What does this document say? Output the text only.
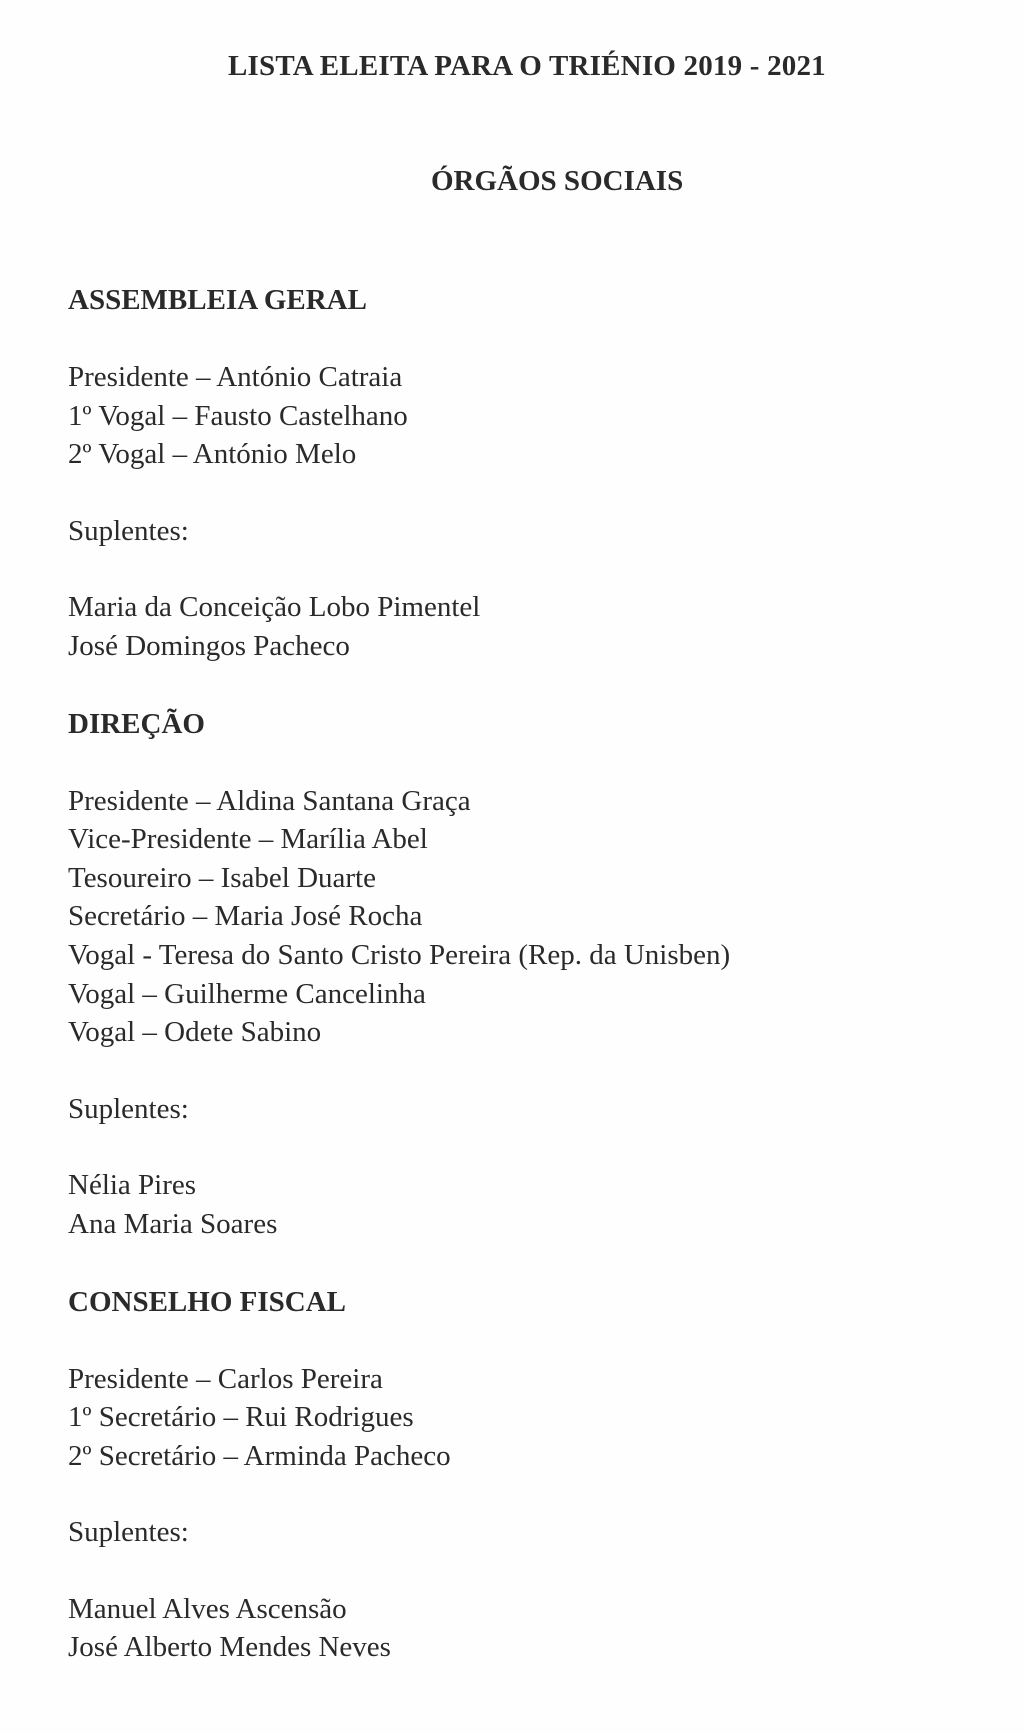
LISTA ELEITA PARA O TRIÉNIO 2019 - 2021
ÓRGÃOS SOCIAIS

ASSEMBLEIA GERAL

Presidente – António Catraia

1º Vogal – Fausto Castelhano

2º Vogal – António Melo

Suplentes:

Maria da Conceição Lobo Pimentel

José Domingos Pacheco

DIREÇÃO

Presidente – Aldina Santana Graça

Vice-Presidente – Marília Abel

Tesoureiro – Isabel Duarte

Secretário – Maria José Rocha

Vogal - Teresa do Santo Cristo Pereira (Rep. da Unisben)

Vogal – Guilherme Cancelinha

Vogal – Odete Sabino

Suplentes:

Nélia Pires

Ana Maria Soares

CONSELHO FISCAL

Presidente – Carlos Pereira

1º Secretário – Rui Rodrigues

2º Secretário – Arminda Pacheco

Suplentes:

Manuel Alves Ascensão

José Alberto Mendes Neves
